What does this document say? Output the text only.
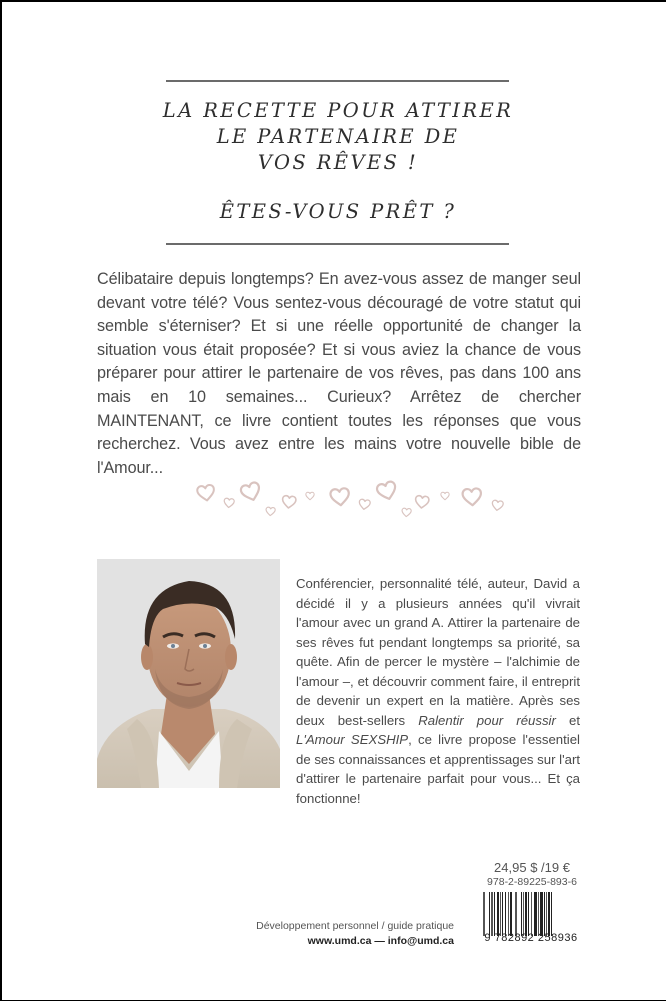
LA RECETTE POUR ATTIRER
LE PARTENAIRE DE
VOS RÊVES !
ÊTES-VOUS PRÊT ?

Célibataire depuis longtemps? En avez-vous assez de manger seul devant votre télé? Vous sentez-vous découragé de votre statut qui semble s'éterniser? Et si une réelle opportunité de changer la situation vous était proposée? Et si vous aviez la chance de vous préparer pour attirer le partenaire de vos rêves, pas dans 100 ans mais en 10 semaines... Curieux? Arrêtez de chercher MAINTENANT, ce livre contient toutes les réponses que vous recherchez. Vous avez entre les mains votre nouvelle bible de l'Amour...

Conférencier, personnalité télé, auteur, David a décidé il y a plusieurs années qu'il vivrait l'amour avec un grand A. Attirer la partenaire de ses rêves fut pendant longtemps sa priorité, sa quête. Afin de percer le mystère – l'alchimie de l'amour –, et découvrir comment faire, il entreprit de devenir un expert en la matière. Après ses deux best-sellers Ralentir pour réussir et L'Amour SEXSHIP, ce livre propose l'essentiel de ses connaissances et apprentissages sur l'art d'attirer le partenaire parfait pour vous... Et ça fonctionne!

24,95 $ /19 €
978-2-89225-893-6
9 782892 258936
Développement personnel / guide pratique
www.umd.ca — info@umd.ca
